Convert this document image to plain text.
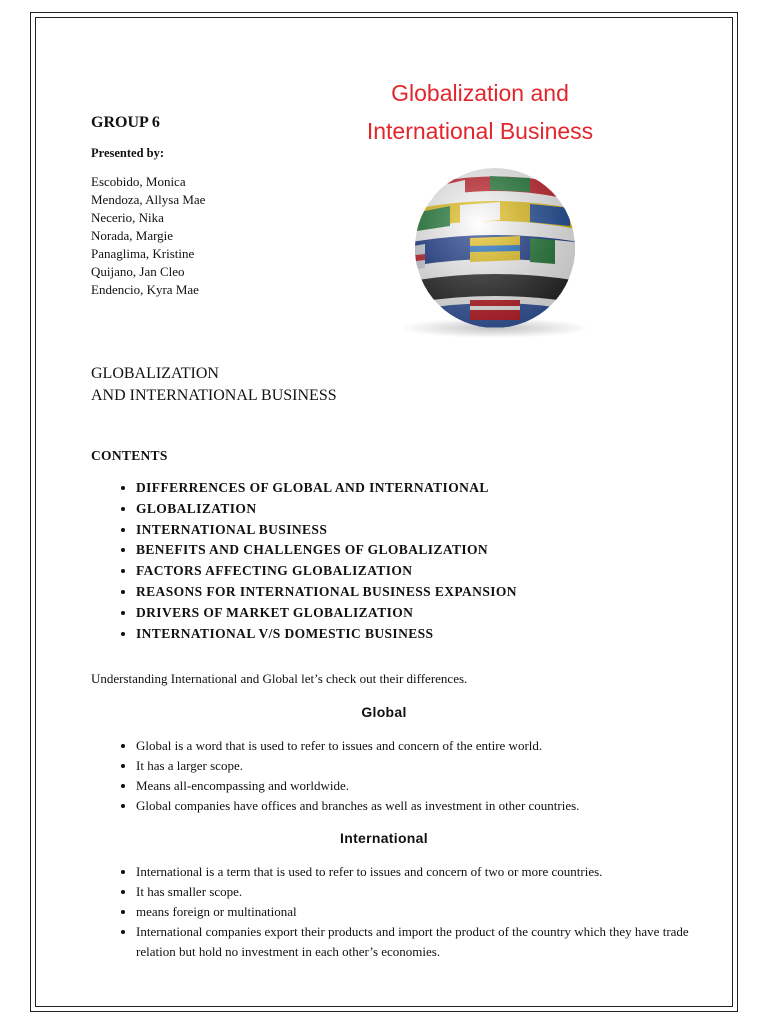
GROUP 6
Presented by:
Escobido, Monica
Mendoza, Allysa Mae
Necerio, Nika
Norada, Margie
Panaglima, Kristine
Quijano, Jan Cleo
Endencio, Kyra Mae
Globalization and
International Business
GLOBALIZATION
AND INTERNATIONAL BUSINESS
CONTENTS
• DIFFERRENCES OF GLOBAL AND INTERNATIONAL
• GLOBALIZATION
• INTERNATIONAL BUSINESS
• BENEFITS AND CHALLENGES OF GLOBALIZATION
• FACTORS AFFECTING GLOBALIZATION
• REASONS FOR INTERNATIONAL BUSINESS EXPANSION
• DRIVERS OF MARKET GLOBALIZATION
• INTERNATIONAL V/S DOMESTIC BUSINESS
Understanding International and Global let’s check out their differences.
Global
• Global is a word that is used to refer to issues and concern of the entire world.
• It has a larger scope.
• Means all-encompassing and worldwide.
• Global companies have offices and branches as well as investment in other countries.
International
• International is a term that is used to refer to issues and concern of two or more countries.
• It has smaller scope.
• means foreign or multinational
• International companies export their products and import the product of the country which they have trade relation but hold no investment in each other’s economies.
